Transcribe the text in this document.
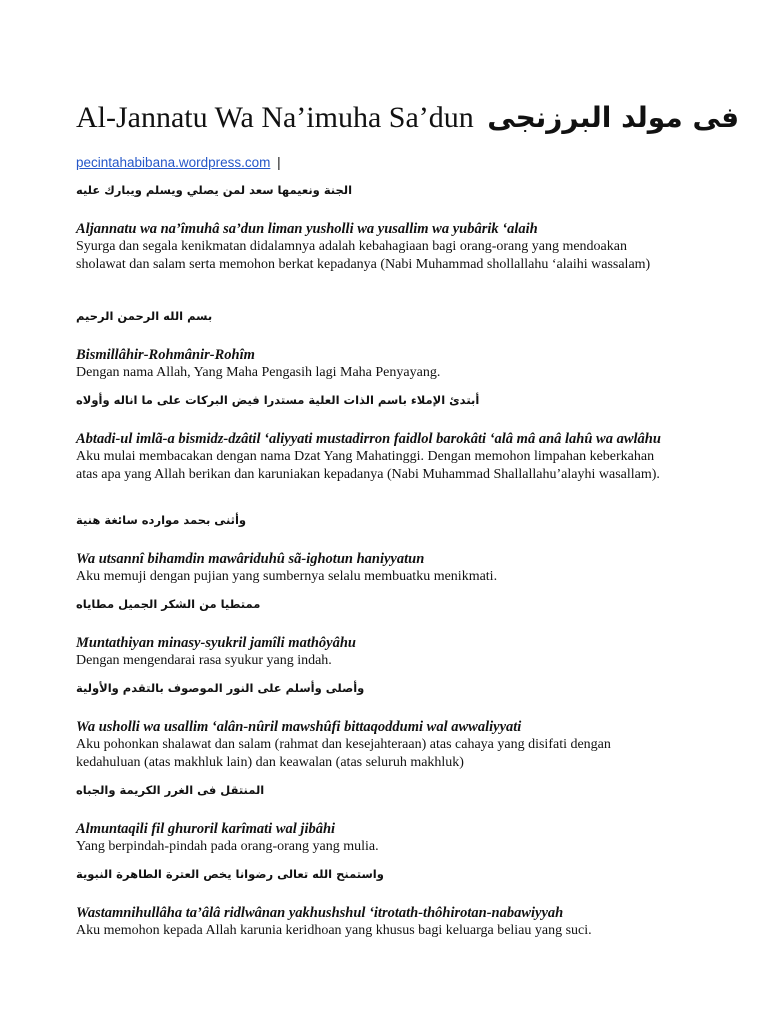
Al-Jannatu Wa Na’imuha Sa’dun فى مولد البرزنجى
pecintahabibana.wordpress.com |
الجنة ونعيمها سعد لمن يصلي ويسلم ويبارك عليه
Aljannatu wa na’îmuhâ sa’dun liman yusholli wa yusallim wa yubârik ‘alaih
Syurga dan segala kenikmatan didalamnya adalah kebahagiaan bagi orang-orang yang mendoakan sholawat dan salam serta memohon berkat kepadanya (Nabi Muhammad shollallahu ‘alaihi wassalam)
بسم الله الرحمن الرحيم
Bismillâhir-Rohmânir-Rohîm
Dengan nama Allah, Yang Maha Pengasih lagi Maha Penyayang.
أبتدئ الإملاء باسم الذات العلية مستدرا فيض البركات على ما اناله وأولاه
Abtadi-ul imlã-a bismidz-dzâtil ‘aliyyati mustadirron faidlol barokâti ‘alâ mâ anâ lahû wa awlâhu
Aku mulai membacakan dengan nama Dzat Yang Mahatinggi. Dengan memohon limpahan keberkahan atas apa yang Allah berikan dan karuniakan kepadanya (Nabi Muhammad Shallallahu’alayhi wasallam).
وأثنى بحمد موارده سائغة هنية
Wa utsannî bihamdin mawâriduhû sã-ighotun haniyyatun
Aku memuji dengan pujian yang sumbernya selalu membuatku menikmati.
ممتطيا من الشكر الجميل مطاياه
Muntathiyan minasy-syukril jamîli mathôyâhu
Dengan mengendarai rasa syukur yang indah.
وأصلى وأسلم على النور الموصوف بالتقدم والأولية
Wa usholli wa usallim ‘alân-nûril mawshûfi bittaqoddumi wal awwaliyyati
Aku pohonkan shalawat dan salam (rahmat dan kesejahteraan) atas cahaya yang disifati dengan kedahuluan (atas makhluk lain) dan keawalan (atas seluruh makhluk)
المنتقل فى الغرر الكريمة والجباه
Almuntaqili fil ghuroril karîmati wal jibâhi
Yang berpindah-pindah pada orang-orang yang mulia.
واستمنح الله تعالى رضوانا يخص العترة الطاهرة النبوية
Wastamnihullâha ta’âlâ ridlwânan yakhushshul ‘itrotath-thôhirotan-nabawiyyah
Aku memohon kepada Allah karunia keridhoan yang khusus bagi keluarga beliau yang suci.
